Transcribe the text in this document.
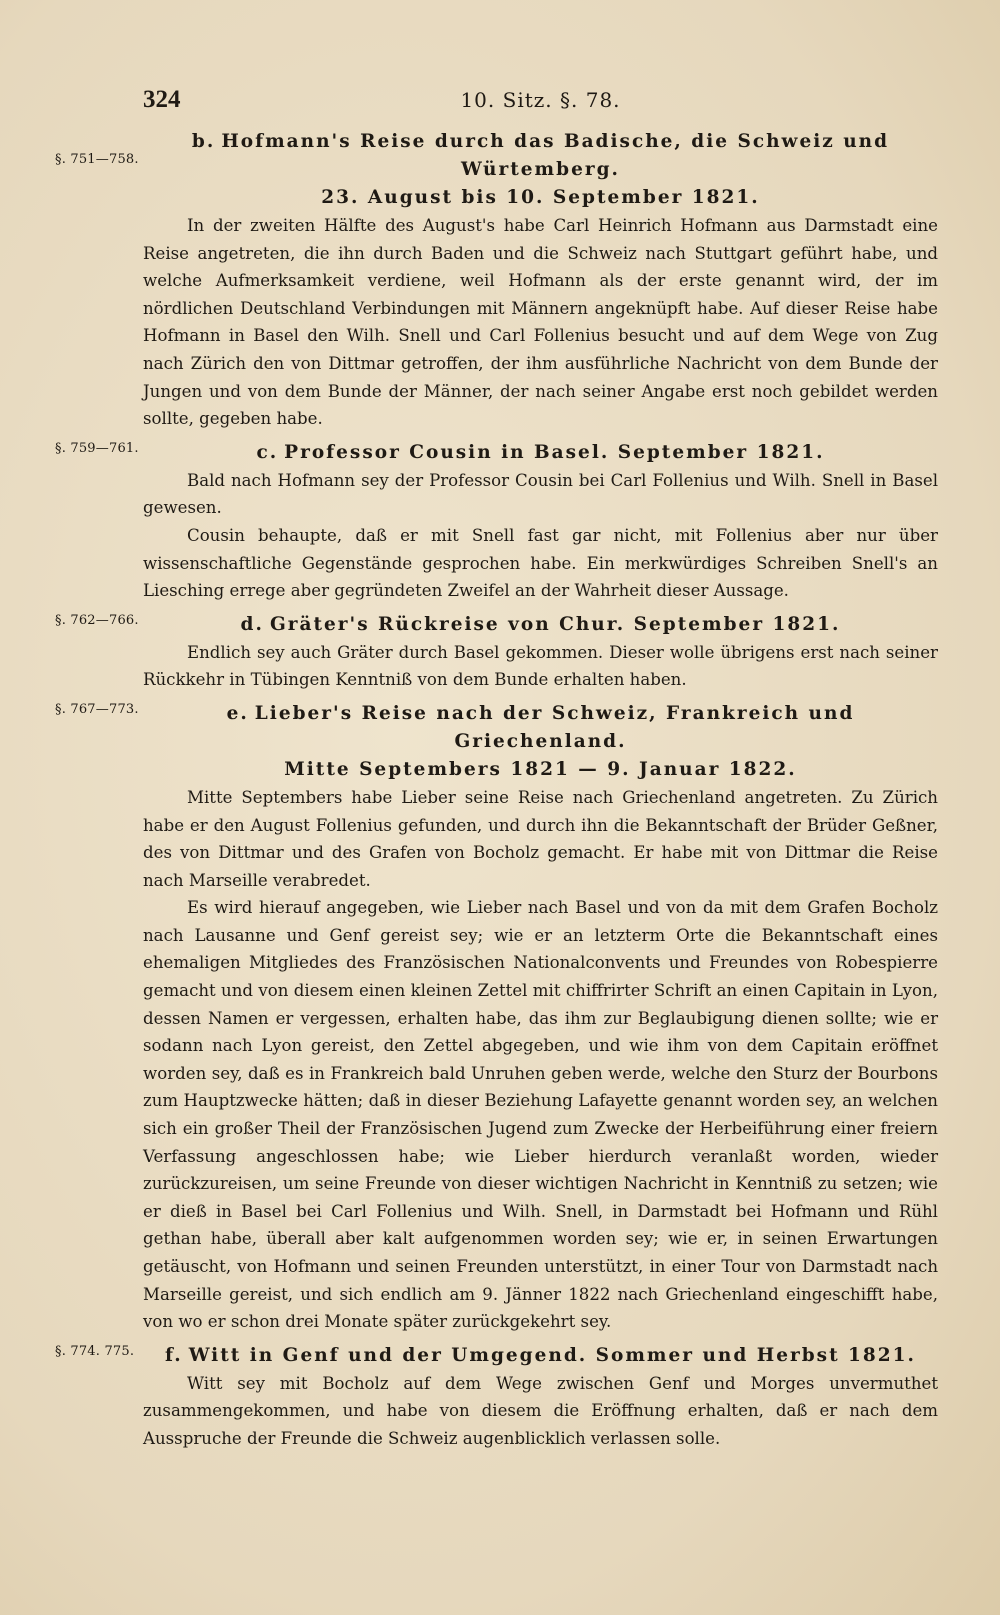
324	10. Sitz. §. 78.
§. 751—758.
b. Hofmann's Reise durch das Badische, die Schweiz und Würtemberg.
23. August bis 10. September 1821.

In der zweiten Hälfte des August's habe Carl Heinrich Hofmann aus Darmstadt eine Reise angetreten, die ihn durch Baden und die Schweiz nach Stuttgart geführt habe, und welche Aufmerksamkeit verdiene, weil Hofmann als der erste genannt wird, der im nördlichen Deutschland Verbindungen mit Männern angeknüpft habe. Auf dieser Reise habe Hofmann in Basel den Wilh. Snell und Carl Follenius besucht und auf dem Wege von Zug nach Zürich den von Dittmar getroffen, der ihm ausführliche Nachricht von dem Bunde der Jungen und von dem Bunde der Männer, der nach seiner Angabe erst noch gebildet werden sollte, gegeben habe.

§. 759—761.	c. Professor Cousin in Basel. September 1821.

Bald nach Hofmann sey der Professor Cousin bei Carl Follenius und Wilh. Snell in Basel gewesen.

Cousin behaupte, daß er mit Snell fast gar nicht, mit Follenius aber nur über wissenschaftliche Gegenstände gesprochen habe. Ein merkwürdiges Schreiben Snell's an Liesching errege aber gegründeten Zweifel an der Wahrheit dieser Aussage.

§. 762—766.	d. Gräter's Rückreise von Chur. September 1821.

Endlich sey auch Gräter durch Basel gekommen. Dieser wolle übrigens erst nach seiner Rückkehr in Tübingen Kenntniß von dem Bunde erhalten haben.

§. 767—773.	e. Lieber's Reise nach der Schweiz, Frankreich und Griechenland.
Mitte Septembers 1821 — 9. Januar 1822.

Mitte Septembers habe Lieber seine Reise nach Griechenland angetreten. Zu Zürich habe er den August Follenius gefunden, und durch ihn die Bekanntschaft der Brüder Geßner, des von Dittmar und des Grafen von Bocholz gemacht. Er habe mit von Dittmar die Reise nach Marseille verabredet.

Es wird hierauf angegeben, wie Lieber nach Basel und von da mit dem Grafen Bocholz nach Lausanne und Genf gereist sey; wie er an letzterm Orte die Bekanntschaft eines ehemaligen Mitgliedes des Französischen Nationalconvents und Freundes von Robespierre gemacht und von diesem einen kleinen Zettel mit chiffrirter Schrift an einen Capitain in Lyon, dessen Namen er vergessen, erhalten habe, das ihm zur Beglaubigung dienen sollte; wie er sodann nach Lyon gereist, den Zettel abgegeben, und wie ihm von dem Capitain eröffnet worden sey, daß es in Frankreich bald Unruhen geben werde, welche den Sturz der Bourbons zum Hauptzwecke hätten; daß in dieser Beziehung Lafayette genannt worden sey, an welchen sich ein großer Theil der Französischen Jugend zum Zwecke der Herbeiführung einer freiern Verfassung angeschlossen habe; wie Lieber hierdurch veranlaßt worden, wieder zurückzureisen, um seine Freunde von dieser wichtigen Nachricht in Kenntniß zu setzen; wie er dieß in Basel bei Carl Follenius und Wilh. Snell, in Darmstadt bei Hofmann und Rühl gethan habe, überall aber kalt aufgenommen worden sey; wie er, in seinen Erwartungen getäuscht, von Hofmann und seinen Freunden unterstützt, in einer Tour von Darmstadt nach Marseille gereist, und sich endlich am 9. Jänner 1822 nach Griechenland eingeschifft habe, von wo er schon drei Monate später zurückgekehrt sey.

§. 774. 775.	f. Witt in Genf und der Umgegend. Sommer und Herbst 1821.

Witt sey mit Bocholz auf dem Wege zwischen Genf und Morges unvermuthet zusammengekommen, und habe von diesem die Eröffnung erhalten, daß er nach dem Ausspruche der Freunde die Schweiz augenblicklich verlassen solle.
